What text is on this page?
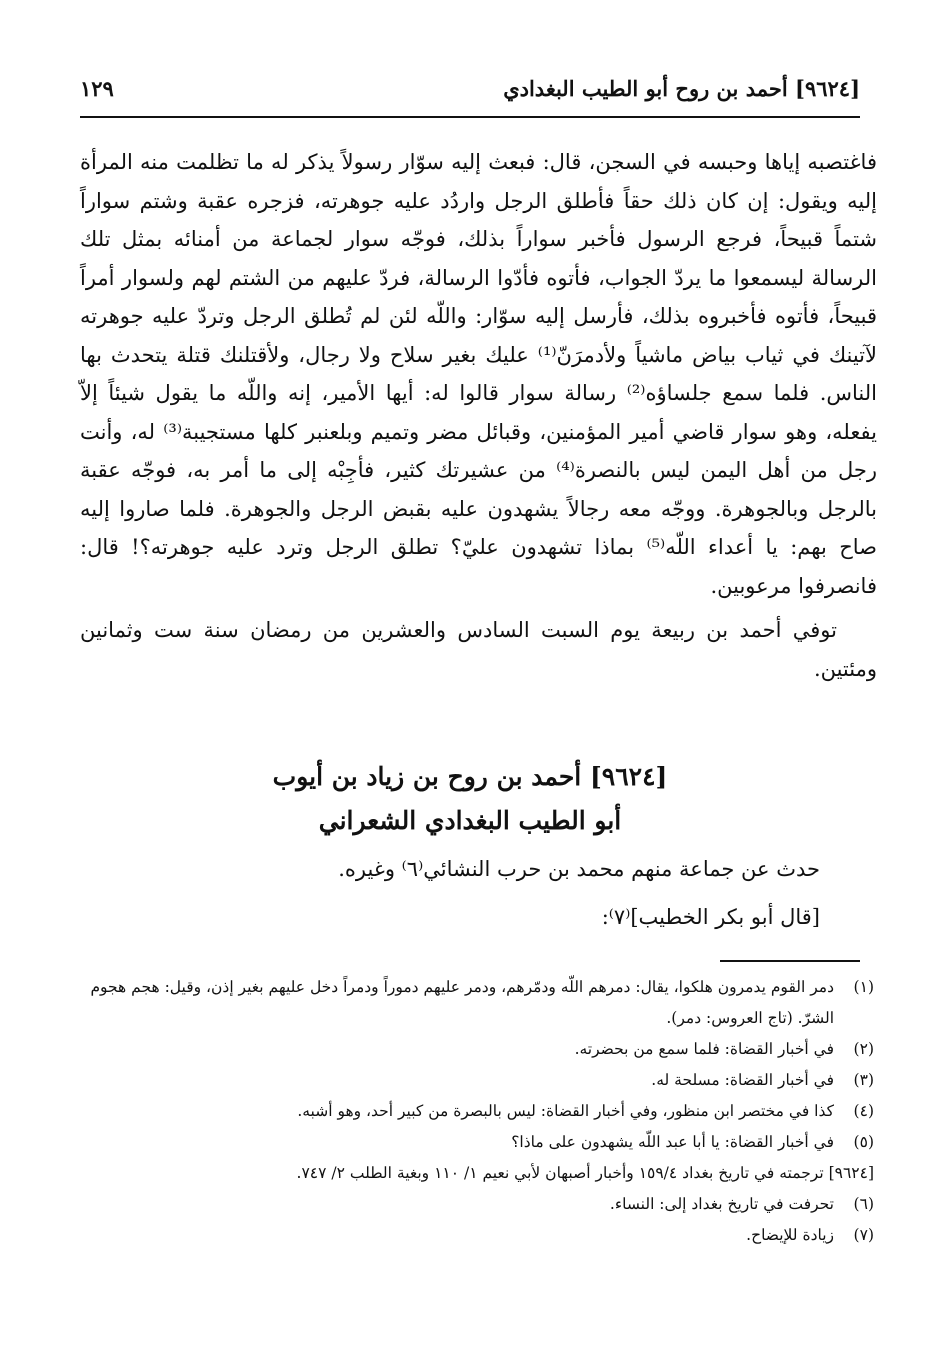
[٩٦٢٤] أحمد بن روح أبو الطيب البغدادي
١٢٩

فاغتصبه إياها وحبسه في السجن، قال: فبعث إليه سوّار رسولاً يذكر له ما تظلمت منه المرأة إليه ويقول: إن كان ذلك حقاً فأطلق الرجل واردُد عليه جوهرته، فزجره عقبة وشتم سواراً شتماً قبيحاً، فرجع الرسول فأخبر سواراً بذلك، فوجّه سوار لجماعة من أمنائه بمثل تلك الرسالة ليسمعوا ما يردّ الجواب، فأتوه فأدّوا الرسالة، فردّ عليهم من الشتم لهم ولسوار أمراً قبيحاً، فأتوه فأخبروه بذلك، فأرسل إليه سوّار: واللّه لئن لم تُطلق الرجل وتردّ عليه جوهرته لآتينك في ثياب بياض ماشياً ولأدمرَنّ⁽¹⁾ عليك بغير سلاح ولا رجال، ولأقتلنك قتلة يتحدث بها الناس. فلما سمع جلساؤه⁽²⁾ رسالة سوار قالوا له: أيها الأمير، إنه واللّه ما يقول شيئاً إلاّ يفعله، وهو سوار قاضي أمير المؤمنين، وقبائل مضر وتميم وبلعنبر كلها مستجيبة⁽³⁾ له، وأنت رجل من أهل اليمن ليس بالنصرة⁽⁴⁾ من عشيرتك كثير، فأجِبْه إلى ما أمر به، فوجّه عقبة بالرجل وبالجوهرة. ووجّه معه رجالاً يشهدون عليه بقبض الرجل والجوهرة. فلما صاروا إليه صاح بهم: يا أعداء اللّه⁽⁵⁾ بماذا تشهدون عليّ؟ تطلق الرجل وترد عليه جوهرته؟! قال: فانصرفوا مرعوبين.

توفي أحمد بن ربيعة يوم السبت السادس والعشرين من رمضان سنة ست وثمانين ومئتين.

[٩٦٢٤] أحمد بن روح بن زياد بن أيوب
أبو الطيب البغدادي الشعراني

حدث عن جماعة منهم محمد بن حرب النشائي⁽٦⁾ وغيره.

[قال أبو بكر الخطيب]⁽٧⁾:

(١)
دمر القوم يدمرون هلكوا، يقال: دمرهم اللّه ودمّرهم، ودمر عليهم دموراً ودمراً دخل عليهم بغير إذن، وقيل: هجم هجوم الشرّ. (تاج العروس: دمر).
(٢)
في أخبار القضاة: فلما سمع من بحضرته.
(٣)
في أخبار القضاة: مسلحة له.
(٤)
كذا في مختصر ابن منظور، وفي أخبار القضاة: ليس بالبصرة من كبير أحد، وهو أشبه.
(٥)
في أخبار القضاة: يا أبا عبد اللّه يشهدون على ماذا؟
[٩٦٢٤] ترجمته في تاريخ بغداد ١٥٩/٤ وأخبار أصبهان لأبي نعيم ١/ ١١٠ وبغية الطلب ٢/ ٧٤٧.
(٦)
تحرفت في تاريخ بغداد إلى: النساء.
(٧)
زيادة للإيضاح.
